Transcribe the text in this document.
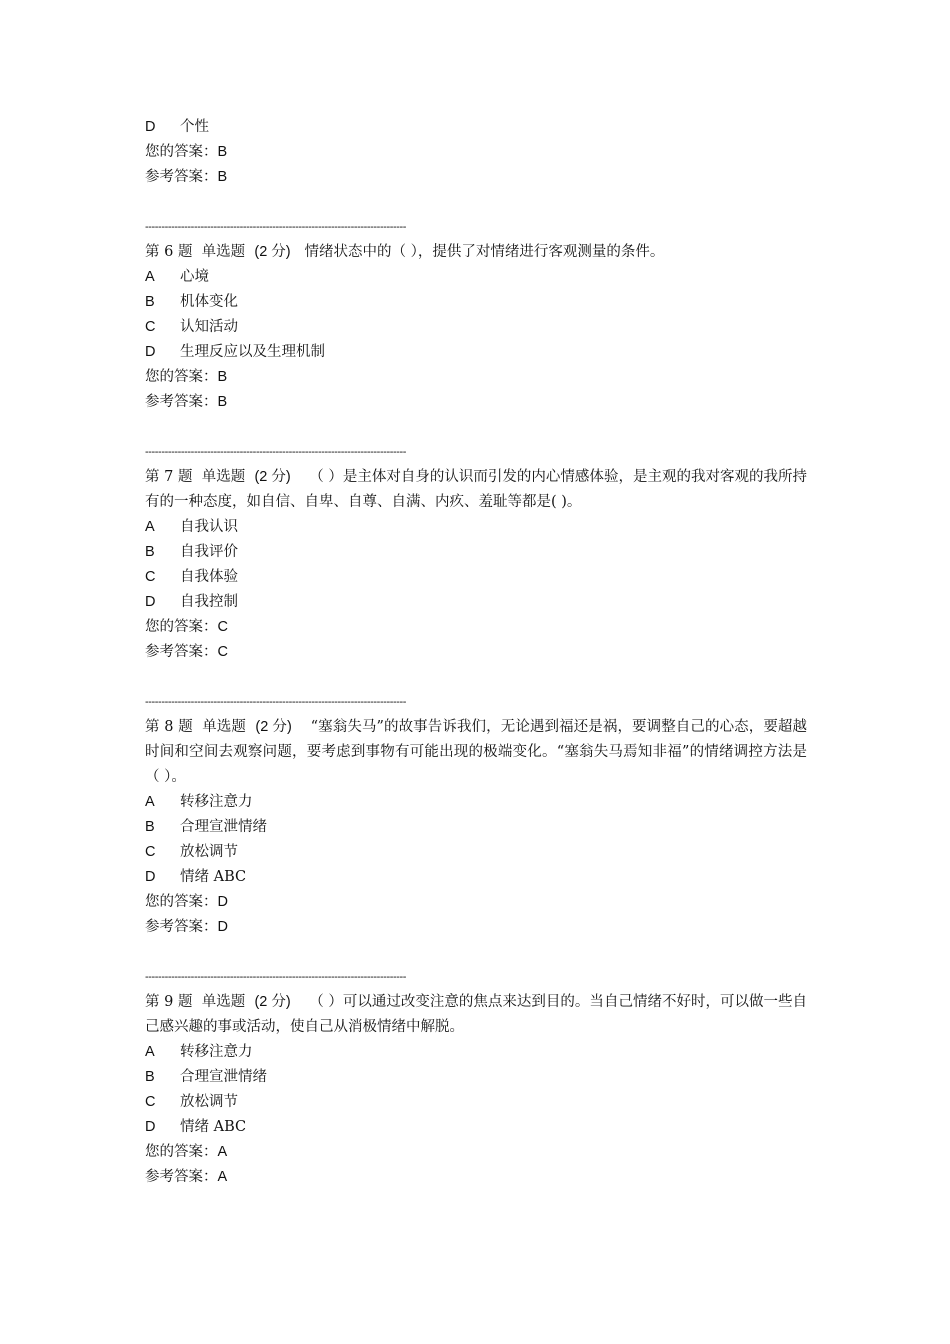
D	个性
您的答案：B
参考答案：B
--------------------------------------------------------------------------------
第 6 题 单选题 (2 分) 情绪状态中的（ ），提供了对情绪进行客观测量的条件。
A	心境
B	机体变化
C	认知活动
D	生理反应以及生理机制
您的答案：B
参考答案：B
--------------------------------------------------------------------------------
第 7 题 单选题 (2 分) （ ）是主体对自身的认识而引发的内心情感体验，是主观的我对客观的我所持有的一种态度，如自信、自卑、自尊、自满、内疚、羞耻等都是( )。
A	自我认识
B	自我评价
C	自我体验
D	自我控制
您的答案：C
参考答案：C
--------------------------------------------------------------------------------
第 8 题 单选题 (2 分) “塞翁失马”的故事告诉我们，无论遇到福还是祸，要调整自己的心态，要超越时间和空间去观察问题，要考虑到事物有可能出现的极端变化。“塞翁失马焉知非福”的情绪调控方法是（ ）。
A	转移注意力
B	合理宣泄情绪
C	放松调节
D	情绪 ABC
您的答案：D
参考答案：D
--------------------------------------------------------------------------------
第 9 题 单选题 (2 分) （ ）可以通过改变注意的焦点来达到目的。当自己情绪不好时，可以做一些自己感兴趣的事或活动，使自己从消极情绪中解脱。
A	转移注意力
B	合理宣泄情绪
C	放松调节
D	情绪 ABC
您的答案：A
参考答案：A
